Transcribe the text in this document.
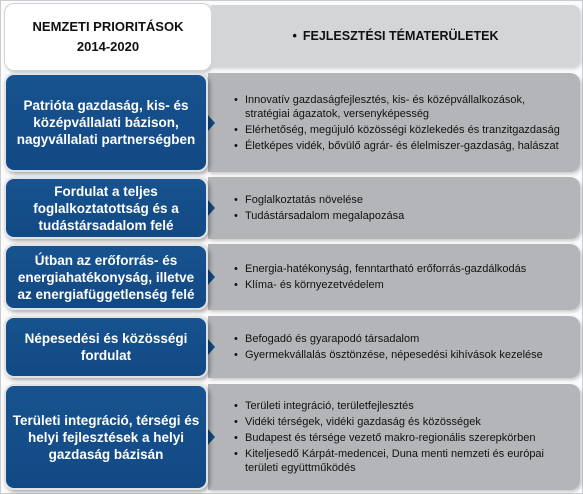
NEMZETI PRIORITÁSOK
2014-2020
• FEJLESZTÉSI TÉMATERÜLETEK
• Innovatív gazdaságfejlesztés, kis- és középvállalkozások, stratégiai ágazatok, versenyképesség
• Elérhetőség, megújuló közösségi közlekedés és tranzitgazdaság
• Életképes vidék, bővülő agrár- és élelmiszer-gazdaság, halászat
Patrióta gazdaság, kis- és középvállalati bázison, nagyvállalati partnerségben
• Foglalkoztatás növelése
• Tudástársadalom megalapozása
Fordulat a teljes foglalkoztatottság és a tudástársadalom felé
• Energia-hatékonyság, fenntartható erőforrás-gazdálkodás
• Klíma- és környezetvédelem
Útban az erőforrás- és energiahatékonyság, illetve az energiafüggetlenség felé
• Befogadó és gyarapodó társadalom
• Gyermekvállalás ösztönzése, népesedési kihívások kezelése
Népesedési és közösségi fordulat
• Területi integráció, területfejlesztés
• Vidéki térségek, vidéki gazdaság és közösségek
• Budapest és térsége vezető makro-regionális szerepkörben
• Kiteljesedő Kárpát-medencei, Duna menti nemzeti és európai területi együttműködés
Területi integráció, térségi és helyi fejlesztések a helyi gazdaság bázisán
